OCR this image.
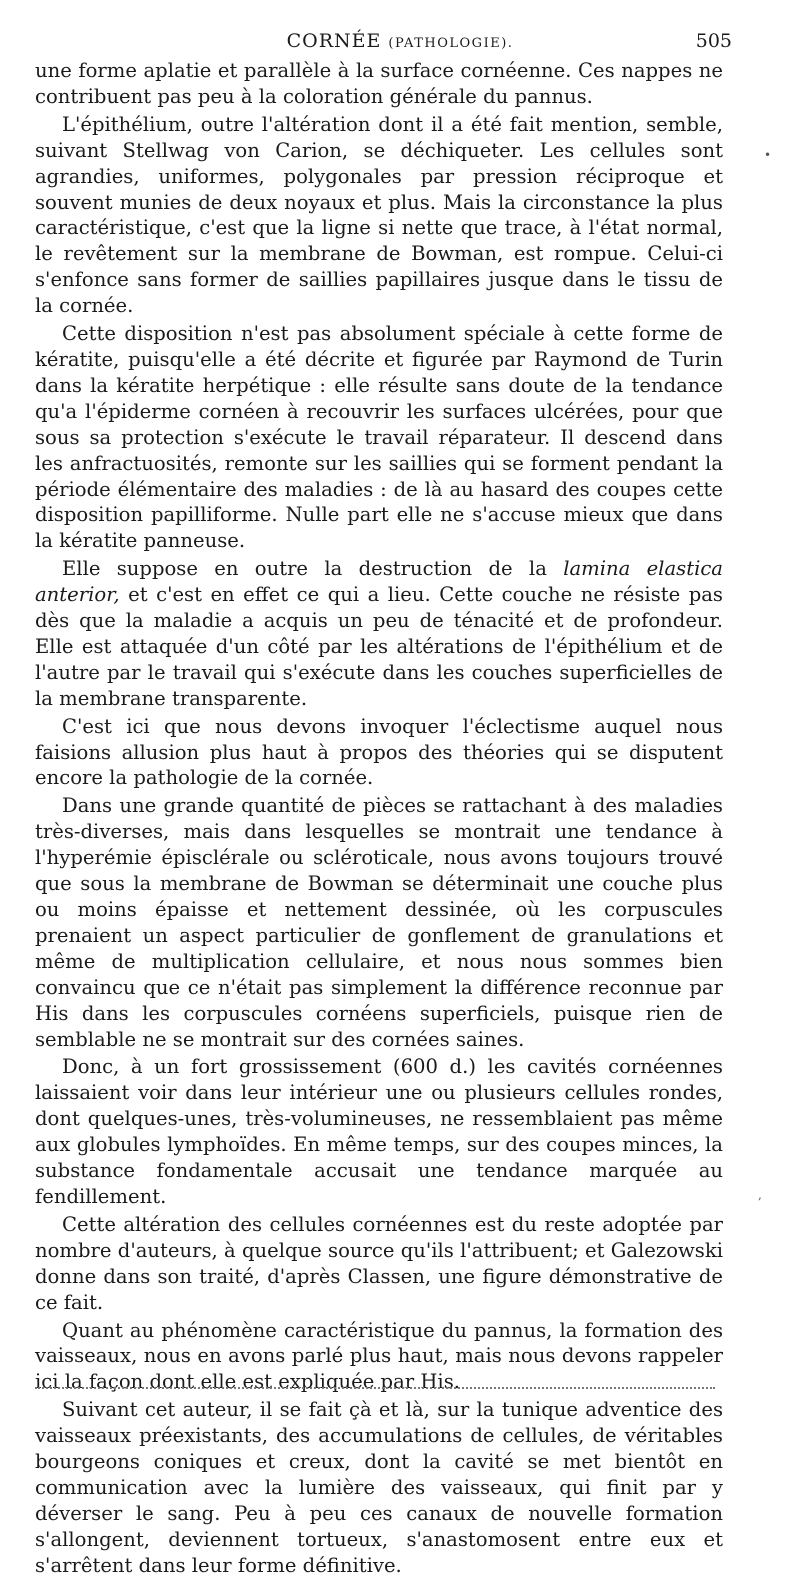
CORNÉE (PATHOLOGIE).	505

une forme aplatie et parallèle à la surface cornéenne. Ces nappes ne contribuent pas peu à la coloration générale du pannus.

L'épithélium, outre l'altération dont il a été fait mention, semble, suivant Stellwag von Carion, se déchiqueter. Les cellules sont agrandies, uniformes, polygonales par pression réciproque et souvent munies de deux noyaux et plus. Mais la circonstance la plus caractéristique, c'est que la ligne si nette que trace, à l'état normal, le revêtement sur la membrane de Bowman, est rompue. Celui-ci s'enfonce sans former de saillies papillaires jusque dans le tissu de la cornée.

Cette disposition n'est pas absolument spéciale à cette forme de kératite, puisqu'elle a été décrite et figurée par Raymond de Turin dans la kératite herpétique : elle résulte sans doute de la tendance qu'a l'épiderme cornéen à recouvrir les surfaces ulcérées, pour que sous sa protection s'exécute le travail réparateur. Il descend dans les anfractuosités, remonte sur les saillies qui se forment pendant la période élémentaire des maladies : de là au hasard des coupes cette disposition papilliforme. Nulle part elle ne s'accuse mieux que dans la kératite panneuse.

Elle suppose en outre la destruction de la lamina elastica anterior, et c'est en effet ce qui a lieu. Cette couche ne résiste pas dès que la maladie a acquis un peu de ténacité et de profondeur. Elle est attaquée d'un côté par les altérations de l'épithélium et de l'autre par le travail qui s'exécute dans les couches superficielles de la membrane transparente.

C'est ici que nous devons invoquer l'éclectisme auquel nous faisions allusion plus haut à propos des théories qui se disputent encore la pathologie de la cornée.

Dans une grande quantité de pièces se rattachant à des maladies très-diverses, mais dans lesquelles se montrait une tendance à l'hyperémie épisclérale ou scléroticale, nous avons toujours trouvé que sous la membrane de Bowman se déterminait une couche plus ou moins épaisse et nettement dessinée, où les corpuscules prenaient un aspect particulier de gonflement de granulations et même de multiplication cellulaire, et nous nous sommes bien convaincu que ce n'était pas simplement la différence reconnue par His dans les corpuscules cornéens superficiels, puisque rien de semblable ne se montrait sur des cornées saines.

Donc, à un fort grossissement (600 d.) les cavités cornéennes laissaient voir dans leur intérieur une ou plusieurs cellules rondes, dont quelques-unes, très-volumineuses, ne ressemblaient pas même aux globules lymphoïdes. En même temps, sur des coupes minces, la substance fondamentale accusait une tendance marquée au fendillement.

Cette altération des cellules cornéennes est du reste adoptée par nombre d'auteurs, à quelque source qu'ils l'attribuent; et Galezowski donne dans son traité, d'après Classen, une figure démonstrative de ce fait.

Quant au phénomène caractéristique du pannus, la formation des vaisseaux, nous en avons parlé plus haut, mais nous devons rappeler ici la façon dont elle est expliquée par His.

Suivant cet auteur, il se fait çà et là, sur la tunique adventice des vaisseaux préexistants, des accumulations de cellules, de véritables bourgeons coniques et creux, dont la cavité se met bientôt en communication avec la lumière des vaisseaux, qui finit par y déverser le sang. Peu à peu ces canaux de nouvelle formation s'allongent, deviennent tortueux, s'anastomosent entre eux et s'arrêtent dans leur forme définitive.

•
,
